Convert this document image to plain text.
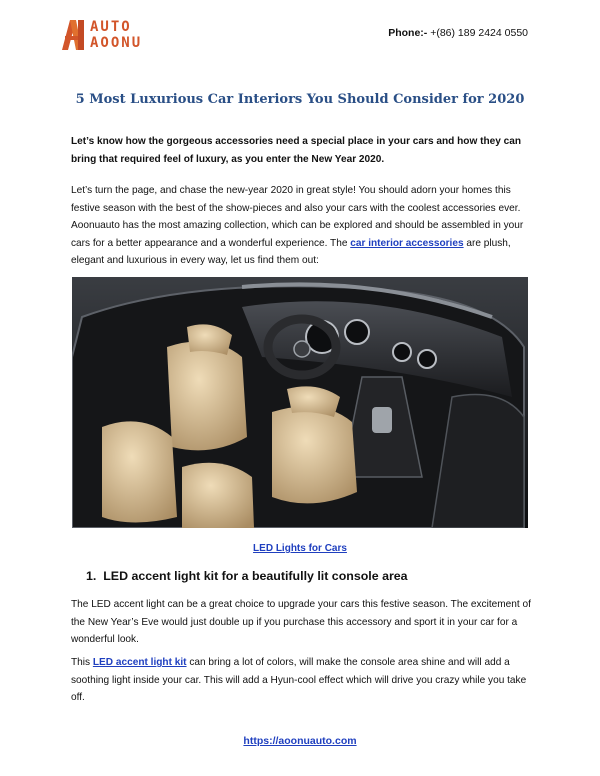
AUTO
AOONU
Phone:- +(86) 189 2424 0550
5 Most Luxurious Car Interiors You Should Consider for 2020
Let’s know how the gorgeous accessories need a special place in your cars and how they can bring that required feel of luxury, as you enter the New Year 2020.
Let’s turn the page, and chase the new-year 2020 in great style! You should adorn your homes this festive season with the best of the show-pieces and also your cars with the coolest accessories ever. Aoonuauto has the most amazing collection, which can be explored and should be assembled in your cars for a better appearance and a wonderful experience. The car interior accessories are plush, elegant and luxurious in every way, let us find them out:
LED Lights for Cars
1. LED accent light kit for a beautifully lit console area
The LED accent light can be a great choice to upgrade your cars this festive season. The excitement of the New Year’s Eve would just double up if you purchase this accessory and sport it in your car for a wonderful look.
This LED accent light kit can bring a lot of colors, will make the console area shine and will add a soothing light inside your car. This will add a Hyun-cool effect which will drive you crazy while you take off.
https://aoonuauto.com
